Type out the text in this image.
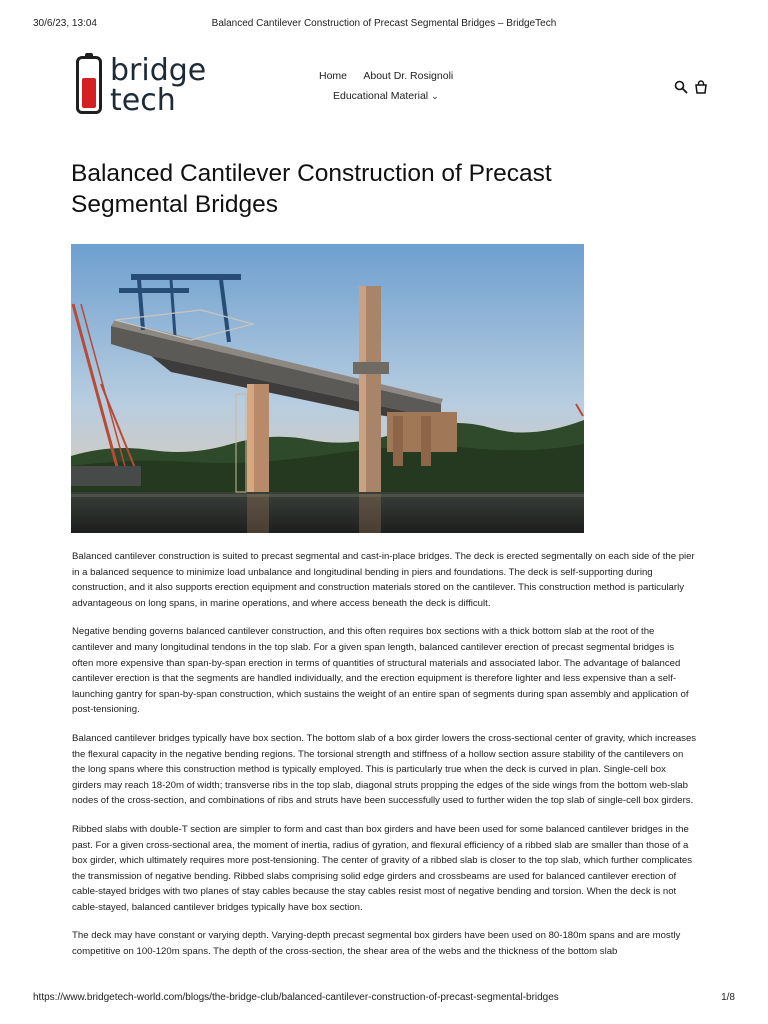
30/6/23, 13:04	Balanced Cantilever Construction of Precast Segmental Bridges – BridgeTech
bridge
tech
Home About Dr. Rosignoli
Educational Material ⌄

Balanced Cantilever Construction of Precast Segmental Bridges

Balanced cantilever construction is suited to precast segmental and cast-in-place bridges. The deck is erected segmentally on each side of the pier in a balanced sequence to minimize load unbalance and longitudinal bending in piers and foundations. The deck is self-supporting during construction, and it also supports erection equipment and construction materials stored on the cantilever. This construction method is particularly advantageous on long spans, in marine operations, and where access beneath the deck is difficult.

Negative bending governs balanced cantilever construction, and this often requires box sections with a thick bottom slab at the root of the cantilever and many longitudinal tendons in the top slab. For a given span length, balanced cantilever erection of precast segmental bridges is often more expensive than span-by-span erection in terms of quantities of structural materials and associated labor. The advantage of balanced cantilever erection is that the segments are handled individually, and the erection equipment is therefore lighter and less expensive than a self-launching gantry for span-by-span construction, which sustains the weight of an entire span of segments during span assembly and application of post-tensioning.

Balanced cantilever bridges typically have box section. The bottom slab of a box girder lowers the cross-sectional center of gravity, which increases the flexural capacity in the negative bending regions. The torsional strength and stiffness of a hollow section assure stability of the cantilevers on the long spans where this construction method is typically employed. This is particularly true when the deck is curved in plan. Single-cell box girders may reach 18-20m of width; transverse ribs in the top slab, diagonal struts propping the edges of the side wings from the bottom web-slab nodes of the cross-section, and combinations of ribs and struts have been successfully used to further widen the top slab of single-cell box girders.

Ribbed slabs with double-T section are simpler to form and cast than box girders and have been used for some balanced cantilever bridges in the past. For a given cross-sectional area, the moment of inertia, radius of gyration, and flexural efficiency of a ribbed slab are smaller than those of a box girder, which ultimately requires more post-tensioning. The center of gravity of a ribbed slab is closer to the top slab, which further complicates the transmission of negative bending. Ribbed slabs comprising solid edge girders and crossbeams are used for balanced cantilever erection of cable-stayed bridges with two planes of stay cables because the stay cables resist most of negative bending and torsion. When the deck is not cable-stayed, balanced cantilever bridges typically have box section.

The deck may have constant or varying depth. Varying-depth precast segmental box girders have been used on 80-180m spans and are mostly competitive on 100-120m spans. The depth of the cross-section, the shear area of the webs and the thickness of the bottom slab

https://www.bridgetech-world.com/blogs/the-bridge-club/balanced-cantilever-construction-of-precast-segmental-bridges	1/8
